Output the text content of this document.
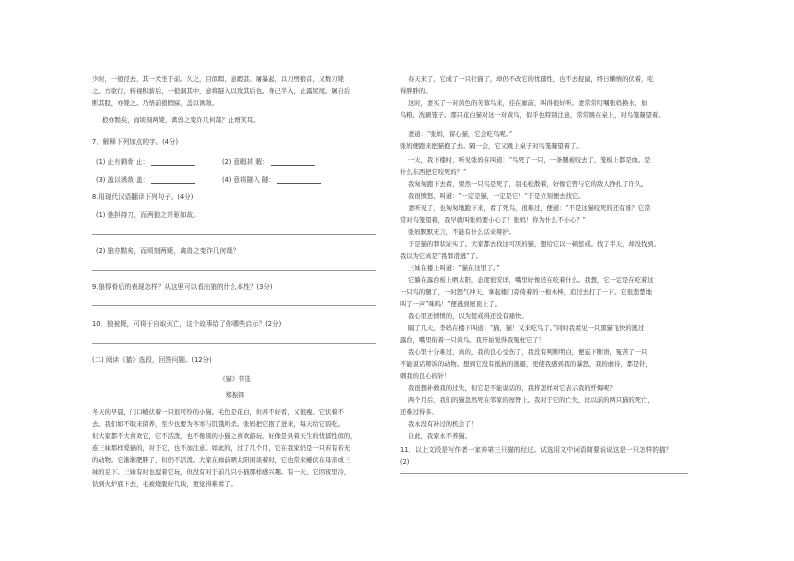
少时，一狼径去，其一犬坐于前。久之，目似瞑，意暇甚。屠暴起，以刀劈狼首，又数刀毙
之。方欲行，转视积薪后，一狼洞其中，意将隧入以攻其后也。身已半入，止露尻尾。屠自后
断其股，亦毙之。乃悟前狼假寐，盖以诱敌。
狼亦黠矣，而顷刻两毙，禽兽之变诈几何哉？止增笑耳。
7．解释下列加点的字。(4分)
(1) 止有剩骨 止：	(2) 意暇甚 暇：
(3) 盖以诱敌 盖：	(4) 意将隧入 隧：
8.用现代汉语翻译下列句子。(4分)
(1) 弛担持刀，而两狼之并驱如故。
(2) 狼亦黠矣，而顷刻两毙，禽兽之变诈几何哉？
9.狼得骨后的表现怎样？从这里可以看出狼的什么本性？(3分)
10．狼被毙，可将于自取灭亡，这个故事给了你哪些启示？(2分)
(二) 阅读《猫》选段，回答问题。(12分)
《猫》节选
郑振铎
冬天的早晨，门口蜷伏着一只很可怜的小猫。毛色是花白，但并不好看，又很瘦。它伏着不
去。我们如不取来留养，至少也要为冬寒与饥饿所杀。张妈把它抱了进来，每天给它饭吃。
但大家都不大喜欢它，它不活泼，也不像别的小猫之喜欢游玩，好像是具着天生的忧郁性似的，
连三妹那样爱猫的，对于它，也不加注意。如此的，过了几个月，它在我家仍是一只若有若无
的动物。它渐渐肥胖了，但仍不活泼。大家在廊前晒太阳闲谈着时，它也常来蜷伏在母亲或三
妹的足下。三妹有时也逗着它玩，但没有对于前几只小猫那样感兴趣。有一天，它因夜里冷，
钻到火炉底下去，毛被烧脱好几块，更觉得难看了。
春天来了，它成了一只壮猫了，却仍不改它的忧郁性，也不去捉鼠，终日懒惰的伏着，吃
得胖胖的。
这时，妻买了一对黄色的芙蓉鸟来，挂在廊前，叫得很好听。妻常常叮嘱张妈换水，加
鸟粮，洗刷笼子。那只花白猫对这一对黄鸟，似乎也特别注意，常常跳在桌上，对鸟笼凝望着。
妻道：“张妈，留心猫，它会吃鸟呢。”
张妈便跑来把猫抱了去。隔一会，它又跳上桌子对鸟笼凝望着了。
一天，我下楼时，听见张妈在叫道：“鸟死了一只，一条腿被咬去了，笼板上都是血。是
什么东西把它咬死的？”
我匆匆跑下去看，果然一只鸟是死了，羽毛松散着，好像它曾与它的敌人挣扎了许久。
我很愤怒，叫道：“一定是猫，一定是它！”于是立刻便去找它。
妻听见了，也匆匆地跑下来，看了死鸟，很难过，便道：“不是这猫咬死的还有谁？它常
常对鸟笼望着，我早就叫张妈要小心了！张妈！你为什么不小心？”
张妈默默无言，不能有什么话来辩护。
于是猫的罪状证实了。大家都去找这可厌的猫，想给它以一顿惩戒。找了半天，却没找到。
我以为它真是“畏罪潜逃”了。
三妹在楼上叫道：“猫在这里了。”
它躺在露台板上晒太阳，态度很安详，嘴里好像还在吃着什么。我想，它一定是在吃着这
一只鸟的腿了，一时怒气冲天，拿起楼门旁倚着的一根木棒，追过去打了一下。它很悲楚地
叫了一声“咪呜！”便逃到屋顶上了。
我心里还愤愤的，以为惩戒得还没有痛快。
隔了几天，李妈在楼下叫道：“猫，猫！又来吃鸟了。”同时我看见一只黑猫飞快的逃过
露台，嘴里衔着一只黄鸟。我开始觉得我冤枉它了！
我心里十分难过，真的，我的良心受伤了，我没有判断明白，便妄下断语，冤苦了一只
不能说话辩诉的动物。想到它没有抵抗的逃避，更使我感到我的暴怒，我的虐待，都是针，
刺我的良心的针！
我很想补救我的过失，但它是不能说话的，我将怎样对它表示我的忏悔呢？
两个月后，我们的猫忽然死在邻家的屋脊上。我对于它的亡失，比以前的两只猫的死亡，
还难过得多。
我永没有补过的机会了！
自此，我家永不养猫。
11．以上文段是写作者一家养第三只猫的经过。试选用文中词语简要说说这是一只怎样的猫？
(2)
